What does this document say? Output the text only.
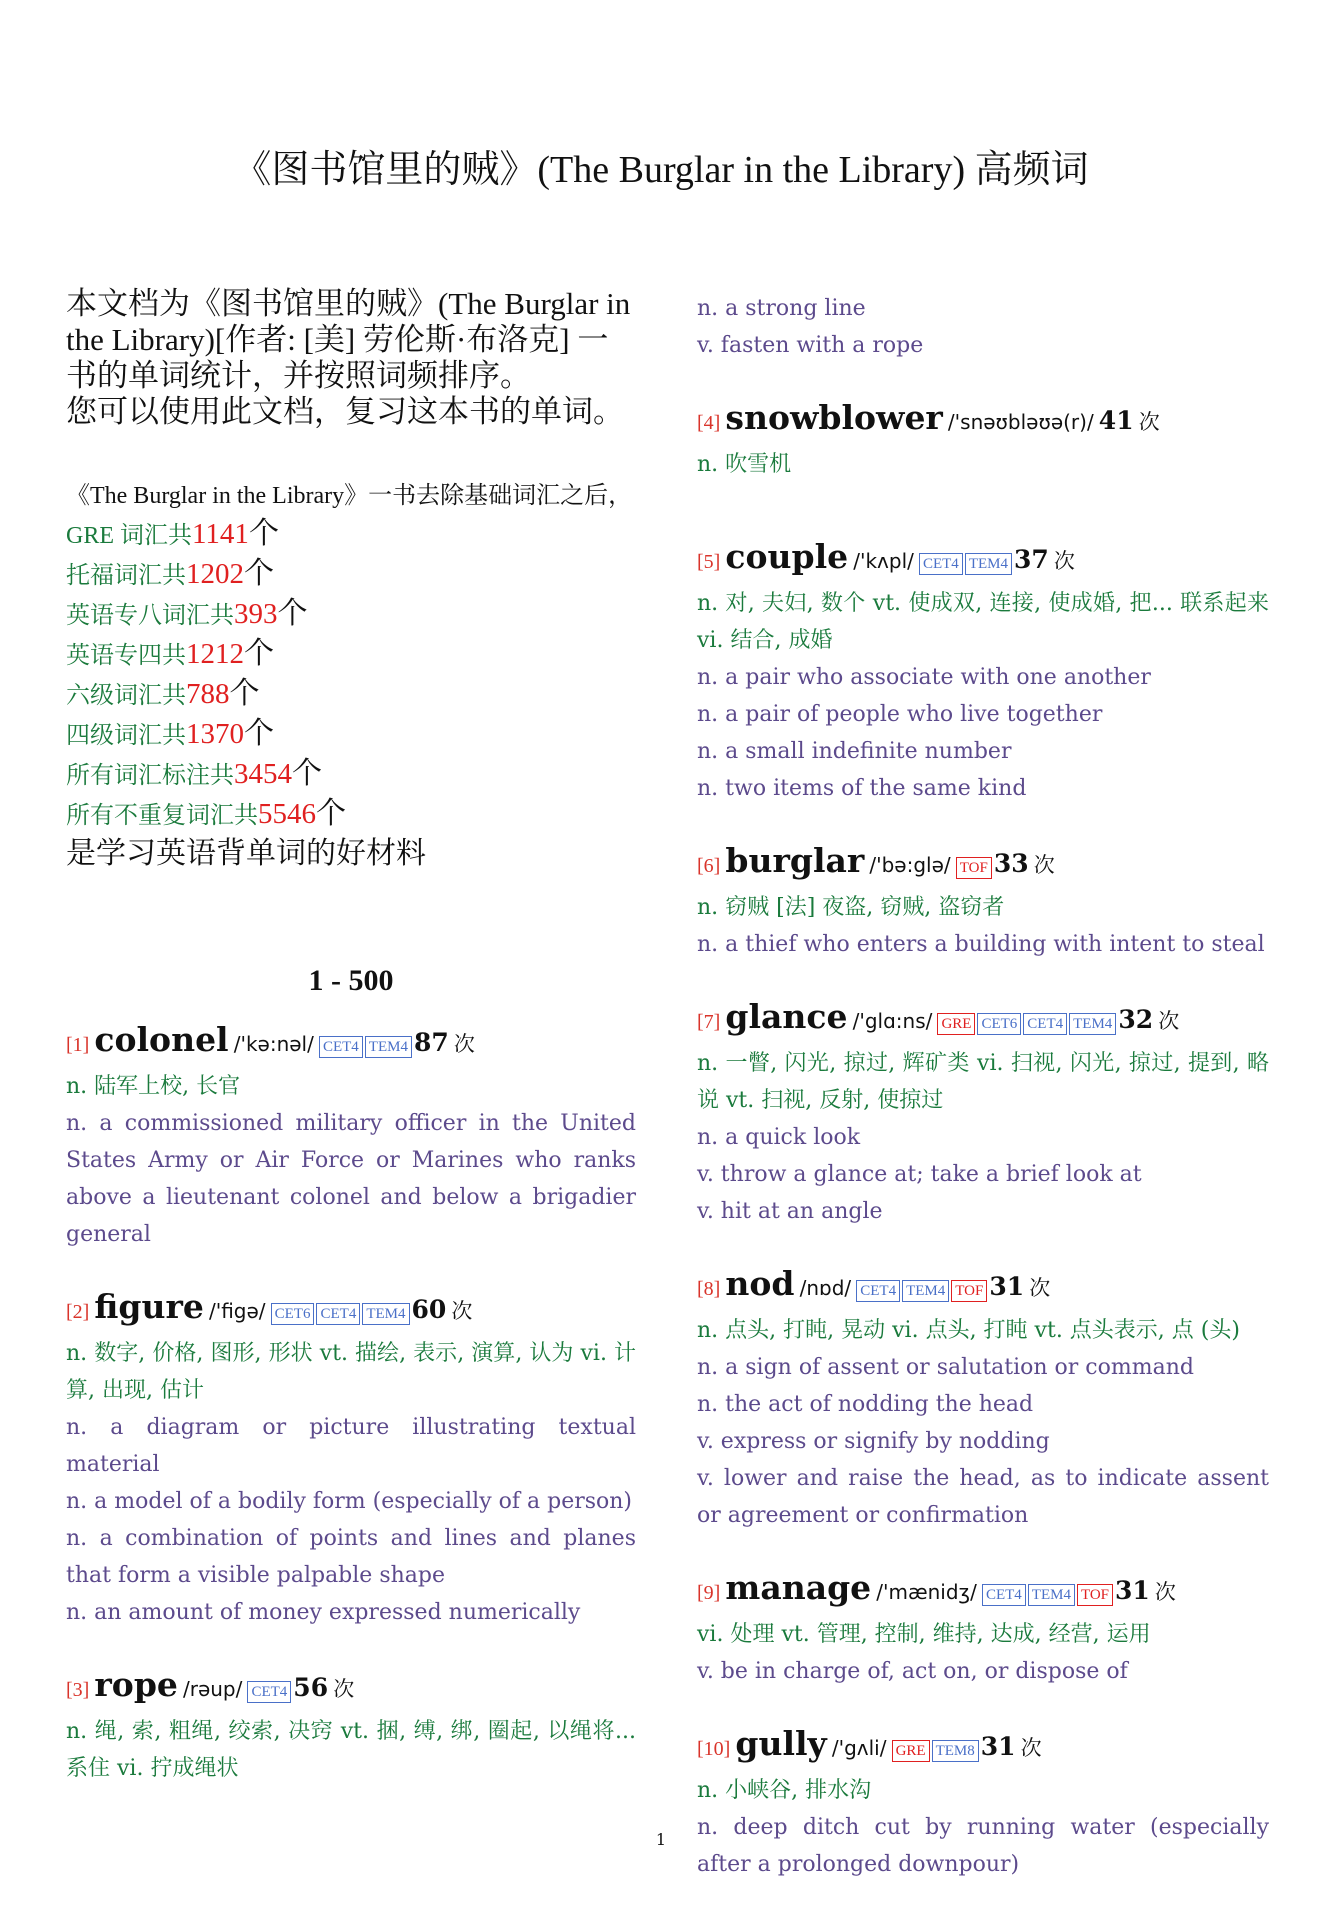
《图书馆里的贼》(The Burglar in the Library) 高频词

本文档为《图书馆里的贼》(The Burglar in the Library)[作者: [美] 劳伦斯·布洛克] 一书的单词统计，并按照词频排序。
您可以使用此文档，复习这本书的单词。

《The Burglar in the Library》一书去除基础词汇之后，
GRE 词汇共1141个
托福词汇共1202个
英语专八词汇共393个
英语专四共1212个
六级词汇共788个
四级词汇共1370个
所有词汇标注共3454个
所有不重复词汇共5546个
是学习英语背单词的好材料
1 - 500
[1] colonel /'kə:nəl/ CET4 TEM4 87 次
n. 陆军上校, 长官
n. a commissioned military officer in the United States Army or Air Force or Marines who ranks above a lieutenant colonel and below a brigadier general
[2] figure /'figə/ CET6 CET4 TEM4 60 次
n. 数字, 价格, 图形, 形状 vt. 描绘, 表示, 演算, 认为 vi. 计算, 出现, 估计
n. a diagram or picture illustrating textual material
n. a model of a bodily form (especially of a person)
n. a combination of points and lines and planes that form a visible palpable shape
n. an amount of money expressed numerically
[3] rope /rəup/ CET4 56 次
n. 绳, 索, 粗绳, 绞索, 决窍 vt. 捆, 缚, 绑, 圈起, 以绳将...系住 vi. 拧成绳状
n. a strong line
v. fasten with a rope
[4] snowblower /'snəʊbləʊə(r)/ 41 次
n. 吹雪机
[5] couple /'kʌpl/ CET4 TEM4 37 次
n. 对, 夫妇, 数个 vt. 使成双, 连接, 使成婚, 把... 联系起来 vi. 结合, 成婚
n. a pair who associate with one another
n. a pair of people who live together
n. a small indefinite number
n. two items of the same kind
[6] burglar /'bə:glə/ TOF 33 次
n. 窃贼 [法] 夜盗, 窃贼, 盗窃者
n. a thief who enters a building with intent to steal
[7] glance /'glɑ:ns/ GRE CET6 CET4 TEM4 32 次
n. 一瞥, 闪光, 掠过, 辉矿类 vi. 扫视, 闪光, 掠过, 提到, 略说 vt. 扫视, 反射, 使掠过
n. a quick look
v. throw a glance at; take a brief look at
v. hit at an angle
[8] nod /nɒd/ CET4 TEM4 TOF 31 次
n. 点头, 打盹, 晃动 vi. 点头, 打盹 vt. 点头表示, 点 (头)
n. a sign of assent or salutation or command
n. the act of nodding the head
v. express or signify by nodding
v. lower and raise the head, as to indicate assent or agreement or confirmation
[9] manage /'mænidʒ/ CET4 TEM4 TOF 31 次
vi. 处理 vt. 管理, 控制, 维持, 达成, 经营, 运用
v. be in charge of, act on, or dispose of
[10] gully /'gʌli/ GRE TEM8 31 次
n. 小峡谷, 排水沟
n. deep ditch cut by running water (especially after a prolonged downpour)
1
